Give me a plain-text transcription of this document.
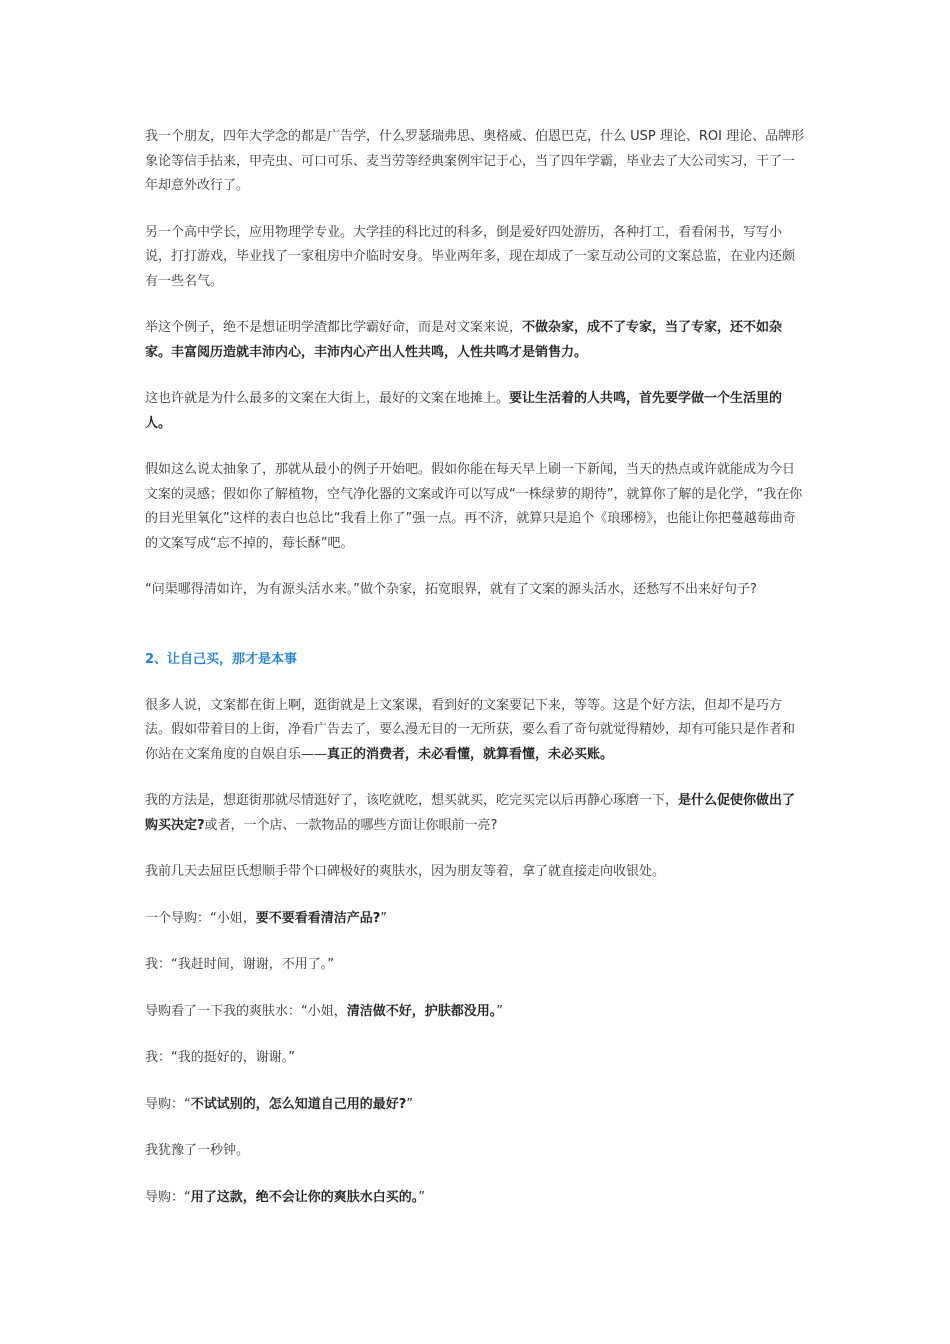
我一个朋友，四年大学念的都是广告学，什么罗瑟瑞弗思、奥格威、伯恩巴克，什么 USP 理论、ROI 理论、品牌形象论等信手拈来，甲壳虫、可口可乐、麦当劳等经典案例牢记于心，当了四年学霸，毕业去了大公司实习，干了一年却意外改行了。

另一个高中学长，应用物理学专业。大学挂的科比过的科多，倒是爱好四处游历，各种打工，看看闲书，写写小说，打打游戏，毕业找了一家租房中介临时安身。毕业两年多，现在却成了一家互动公司的文案总监，在业内还颇有一些名气。

举这个例子，绝不是想证明学渣都比学霸好命，而是对文案来说，不做杂家，成不了专家，当了专家，还不如杂家。丰富阅历造就丰沛内心，丰沛内心产出人性共鸣，人性共鸣才是销售力。

这也许就是为什么最多的文案在大街上，最好的文案在地摊上。要让生活着的人共鸣，首先要学做一个生活里的人。

假如这么说太抽象了，那就从最小的例子开始吧。假如你能在每天早上刷一下新闻，当天的热点或许就能成为今日文案的灵感；假如你了解植物，空气净化器的文案或许可以写成“一株绿萝的期待”，就算你了解的是化学，“我在你的目光里氧化”这样的表白也总比“我看上你了”强一点。再不济，就算只是追个《琅琊榜》，也能让你把蔓越莓曲奇的文案写成“忘不掉的，莓长酥”吧。

“问渠哪得清如许，为有源头活水来。”做个杂家，拓宽眼界，就有了文案的源头活水，还愁写不出来好句子?

2、让自己买，那才是本事

很多人说，文案都在街上啊，逛街就是上文案课，看到好的文案要记下来，等等。这是个好方法，但却不是巧方法。假如带着目的上街，净看广告去了，要么漫无目的一无所获，要么看了奇句就觉得精妙，却有可能只是作者和你站在文案角度的自娱自乐——真正的消费者，未必看懂，就算看懂，未必买账。

我的方法是，想逛街那就尽情逛好了，该吃就吃，想买就买，吃完买完以后再静心琢磨一下，是什么促使你做出了购买决定?或者，一个店、一款物品的哪些方面让你眼前一亮?

我前几天去屈臣氏想顺手带个口碑极好的爽肤水，因为朋友等着，拿了就直接走向收银处。

一个导购：“小姐，要不要看看清洁产品?”

我：“我赶时间，谢谢，不用了。”

导购看了一下我的爽肤水：“小姐，清洁做不好，护肤都没用。”

我：“我的挺好的，谢谢。”

导购：“不试试别的，怎么知道自己用的最好?”

我犹豫了一秒钟。

导购：“用了这款，绝不会让你的爽肤水白买的。”
